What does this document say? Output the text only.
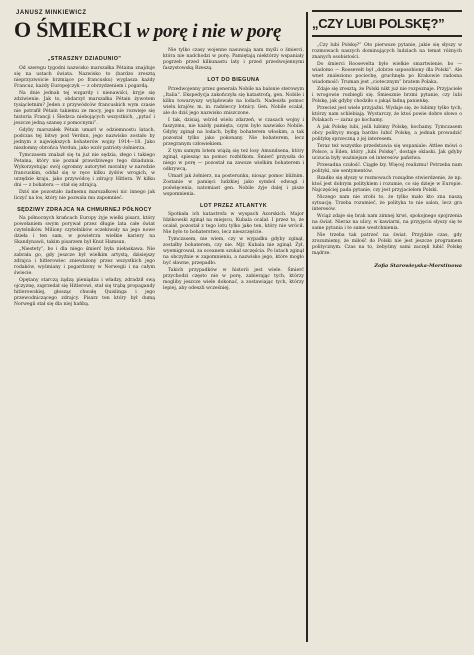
JANUSZ MINKIEWICZ
O ŚMIERCI w porę i nie w porę
„STRASZNY DZIADUNIO”

Od szeregu tygodni nazwisko marszałka Pétaina znajduje się na ustach świata. Nazwisko to (bardzo zresztą nieprzyzwoicie brzmiące po francusku) wyglasza każdy Francuz, każdy Europejczyk — z obrzydzeniem i pogardą.

Na dnie jednak tej wzgardy i nienawiści, kryje się zdziwienie. Jak to, obdarzył marszałka Pétain żywotem tysiącletnim? Jeden z przywódców francuskich wym czasie nie potrafił Pétain takiemu ze mocy, jego nie rozwieje się historia Francji i Śledzca niebojących wszystkich, „pytać i jeszcze jedną szansę z pomocnymi”.

Gdyby marszałek Pétain umarł w odziemnostu latach, podczas tej bitwy pod Verdun, jego nazwisko zostało by jednym z największych bohaterów wojny 1914—18. Jako niezłomny obrońca Verdun, jako wzór patrioty-żołnierza.

Tymczasem znalazł się tu już nie sędzia, złego i takiego Petaina, który nie poznał prawdziwego tego dziadunia. Wykorzystując swój ogromny autorytet moralny w narodzie francuskim, oddał się w ręce kilku żydów wrogich, w urzędzie kraju, jako przywódcę i zdrajcy Hitlera. W kilku dni — z bohatera — stał się zdrajcą.

Dziś nie pozostało żadnemu marszałkowi nic innego jak liczyć na los, który nie pozwala mu zapomnieć.

SĘDZIWY ZDRAJCA NA CHMURNEJ PÓŁNOCY

Na północnych krańcach Europy żyje wielki pisarz, który powołaniem swym porywał przez długie lata całe świat czytelników. Miliony czytelników oczekiwały na jego nowe dzieła i ten sam, w powietrzu wielkie kariery na Skandynawii, takim pisarzem był Knut Hamsun.

„Niestety”, bo i dla niego śmierć była niełaskawa. Nie zabrała go, gdy jeszcze był wielkim artystą, dzisiejszy zdrajca i hitlerowiec znieważony przez wszystkich jego rodaków, wyśmiany i pogardzony w Norwegii i na całym świecie.

Opętany starczą żądzą pieniądza i władzy, zdradził swą ojczyznę, zaprzedał się Hitlerowi, stał się trąbą propagandy hitlerowskiej, głosząc chwałę Quislinga i jego przewodniczącego zdrajcy. Pisarz ten który był dumą Norwegii stał się dla niej hańbą.

Nie tylko czasy wojenne nasuwają nam myśli o śmierci, która nie nadchodzi w porę. Pamiętają niektórzy wspaniały pogrzeb przed kilkunastu laty i przed przedwojennymi faszystowską Rzeszą.

LOT DO BIEGUNA

Przedwojenny przez generała Nobile na balonie sterowym „Italia”. Ekspedycja zakończyła się katastrofą, gen. Nobile i kilku towarzyszy wylądowało na lodach. Nadeszła pomoc wielu krajów, m. in. radzieccy lotnicy. Gen. Nobile ocalał, ale do dziś jego nazwisko zniszczone.

I tak, dzisiaj, wśród wielu zdarzeń, w czasach wojny i faszyzmu, nie każdy pamięta, czym było nazwisko Nobile. Gdyby zginął na lodach, byłby bohaterem włoskim, a tak pozostał tylko jako pokonany. Nie bohaterem, lecz przegranym człowiekiem.

Z tym samym lotem wiążą się też losy Amundsena, który zginął, spiesząc na pomoc rozbitkom. Śmierć przyszła do niego w porę — pozostał na zawsze wielkim bohaterem i odkrywcą.

Umarł jak żołnierz, na posterunku, niosąc pomoc bliźnim. Zostanie w pamięci ludzkiej jako symbol odwagi i poświęcenia, natomiast gen. Nobile żyje dalej i pisze wspomnienia.

LOT PRZEZ ATLANTYK

Spotkała ich katastrofa w wyspach Azorskich. Major Idzikowski zginął na miejscu, Kubala ocalał. I przez to, że ocalał, pozostał z tego lotu tylko jako ten, który nie wrócił. Nie było to bohaterstwo, lecz nieszczęście.

Tymczasem, nie wiem, czy w wypadku gdyby zginął, zostałby bohaterem, czy nie. Mjr. Kubala nie zginął. Żył, wyemigrował, za oceanem szukał szczęścia. Po latach zginął na obczyźnie w zapomnieniu, a nazwisko jego, które mogło być sławne, przepadło.

Takich przypadków w historii jest wiele. Śmierć przychodzi często nie w porę, zabierając tych, którzy mogliby jeszcze wiele dokonać, a zostawiając tych, którzy lepiej, aby odeszli wcześniej.

„CZY LUBI POLSKĘ?”

„Czy lubi Polskę?” Oto pierwsze pytanie, jakie się słyszy w rozmowach naszych dominujących ludziach na temat różnych znanych osobistości.

Do śmierci Roosevelta było wielkie smartwienie, bo — wiadomo — Roosevelt był „dobrze usposobiony dla Polski”. Ale wnet znaleziono pociechę, gruchnęła po Krakowie radosna wiadomość: Truman jest „ciotecznym” bratem Polaka.

Zdaje się zresztą, że Polski nikt już nie rozpoznaje. Przyjaciele i wrogowie rozbiegli się. Śmiesznie brzmi pytanie, czy lubi Polskę, jak gdyby chodziło o jakąś ładną panienkę.

Przecież jest wiele przyjaźni. Wydaje się, że lubimy tylko tych, którzy nam schlebiają. Wystarczy, że ktoś powie dobre słowo o Polakach — zaraz go kochamy.

A jak Polskę lubi, jeśli lubimy Polskę, kochamy. Tymczasem obcy politycy mogą bardzo lubić Polskę, a jednak prowadzić politykę sprzeczną z jej interesem.

Teraz też wszystko przedstawia się wspaniale: Attlee mówi o Polsce, a Eden, który „lubi Polskę”, dostaje oklaski. Jak gdyby uczucia były ważniejsze od interesów państwa.

Przesadna czułość. Ciągłe łzy. Więcej realizmu! Potrzeba nam polityki, nie sentymentów.

Rzadko się słyszy w rozmowach rozsądne stwierdzenie, że np. ktoś jest dobrym politykiem i rozumie, co się dzieje w Europie. Najczęściej pada pytanie, czy jest przyjacielem Polski.

Niczego nam nie zrobi to, że tylko mało kto zna naszą sytuację. Trzeba rozumieć, że polityka to nie salon, lecz gra interesów.

Wciąż zdaje się brak nam zimnej krwi, spokojnego spojrzenia na świat. Nieraz na ulicy, w kawiarni, na przyjęciu słyszy się te same pytania i te same westchnienia.

Nie trzeba tak patrzeć na świat. Przyjdzie czas, gdy zrozumiemy, że miłość do Polski nie jest jeszcze programem politycznym. Czas na to, żebyśmy sami zaczęli lubić Polskę mądrze.

Zofia Starowieyska-Morstinowa
